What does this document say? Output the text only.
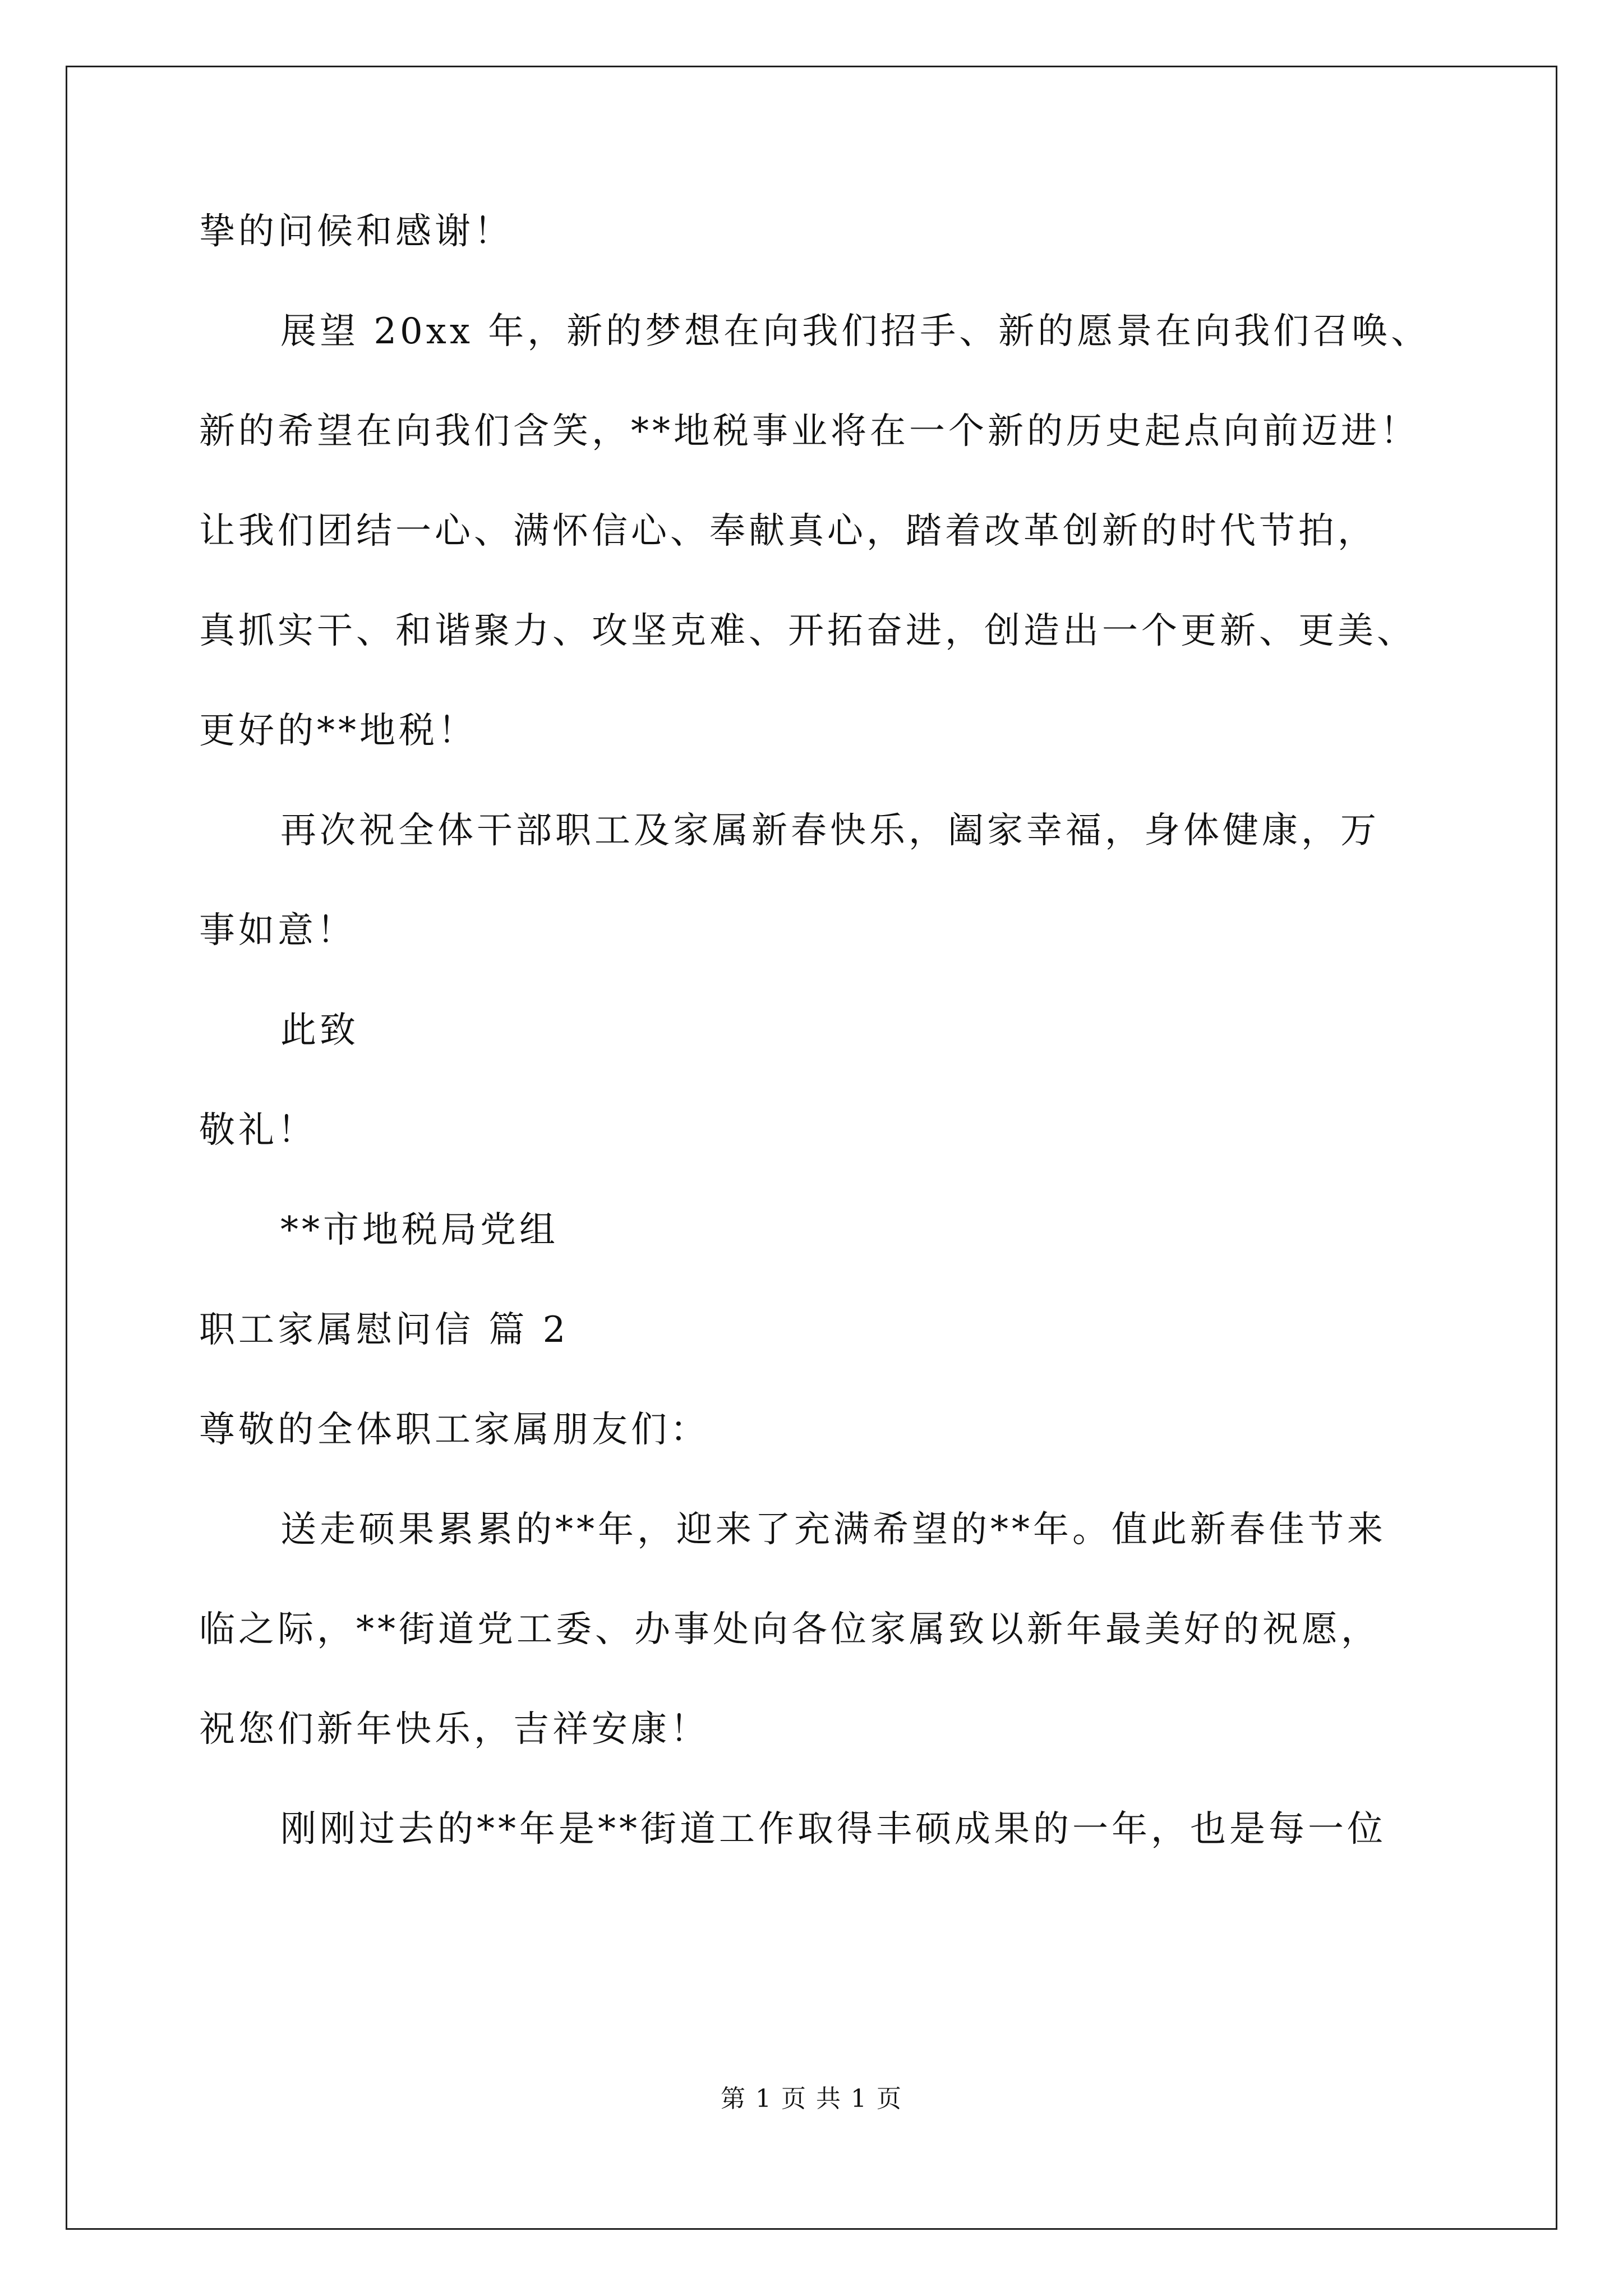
挚的问候和感谢！
展望 20xx 年，新的梦想在向我们招手、新的愿景在向我们召唤、
新的希望在向我们含笑，**地税事业将在一个新的历史起点向前迈进！
让我们团结一心、满怀信心、奉献真心，踏着改革创新的时代节拍，
真抓实干、和谐聚力、攻坚克难、开拓奋进，创造出一个更新、更美、
更好的**地税！
再次祝全体干部职工及家属新春快乐，阖家幸福，身体健康，万
事如意！
此致
敬礼！
**市地税局党组
职工家属慰问信 篇 2
尊敬的全体职工家属朋友们：
送走硕果累累的**年，迎来了充满希望的**年。值此新春佳节来
临之际，**街道党工委、办事处向各位家属致以新年最美好的祝愿，
祝您们新年快乐，吉祥安康！
刚刚过去的**年是**街道工作取得丰硕成果的一年，也是每一位
第 1 页 共 1 页
